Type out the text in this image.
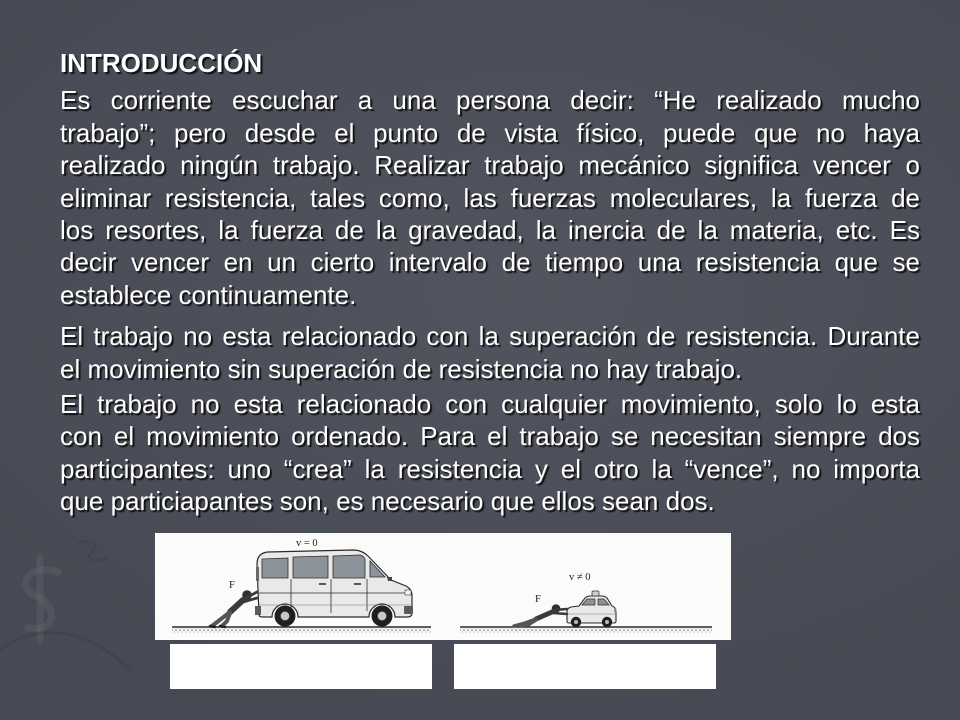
INTRODUCCIÓN
Es corriente escuchar a una persona decir: “He realizado mucho
trabajo”; pero desde el punto de vista físico, puede que no haya
realizado ningún trabajo. Realizar trabajo mecánico significa vencer o
eliminar resistencia, tales como, las fuerzas moleculares, la fuerza de
los resortes, la fuerza de la gravedad, la inercia de la materia, etc. Es
decir vencer en un cierto intervalo de tiempo una resistencia que se
establece continuamente.
El trabajo no esta relacionado con la superación de resistencia. Durante
el movimiento sin superación de resistencia no hay trabajo.
El trabajo no esta relacionado con cualquier movimiento, solo lo esta
con el movimiento ordenado. Para el trabajo se necesitan siempre dos
participantes: uno “crea” la resistencia y el otro la “vence”, no importa
que particiapantes son, es necesario que ellos sean dos.
v = 0
F
v ≠ 0
F
